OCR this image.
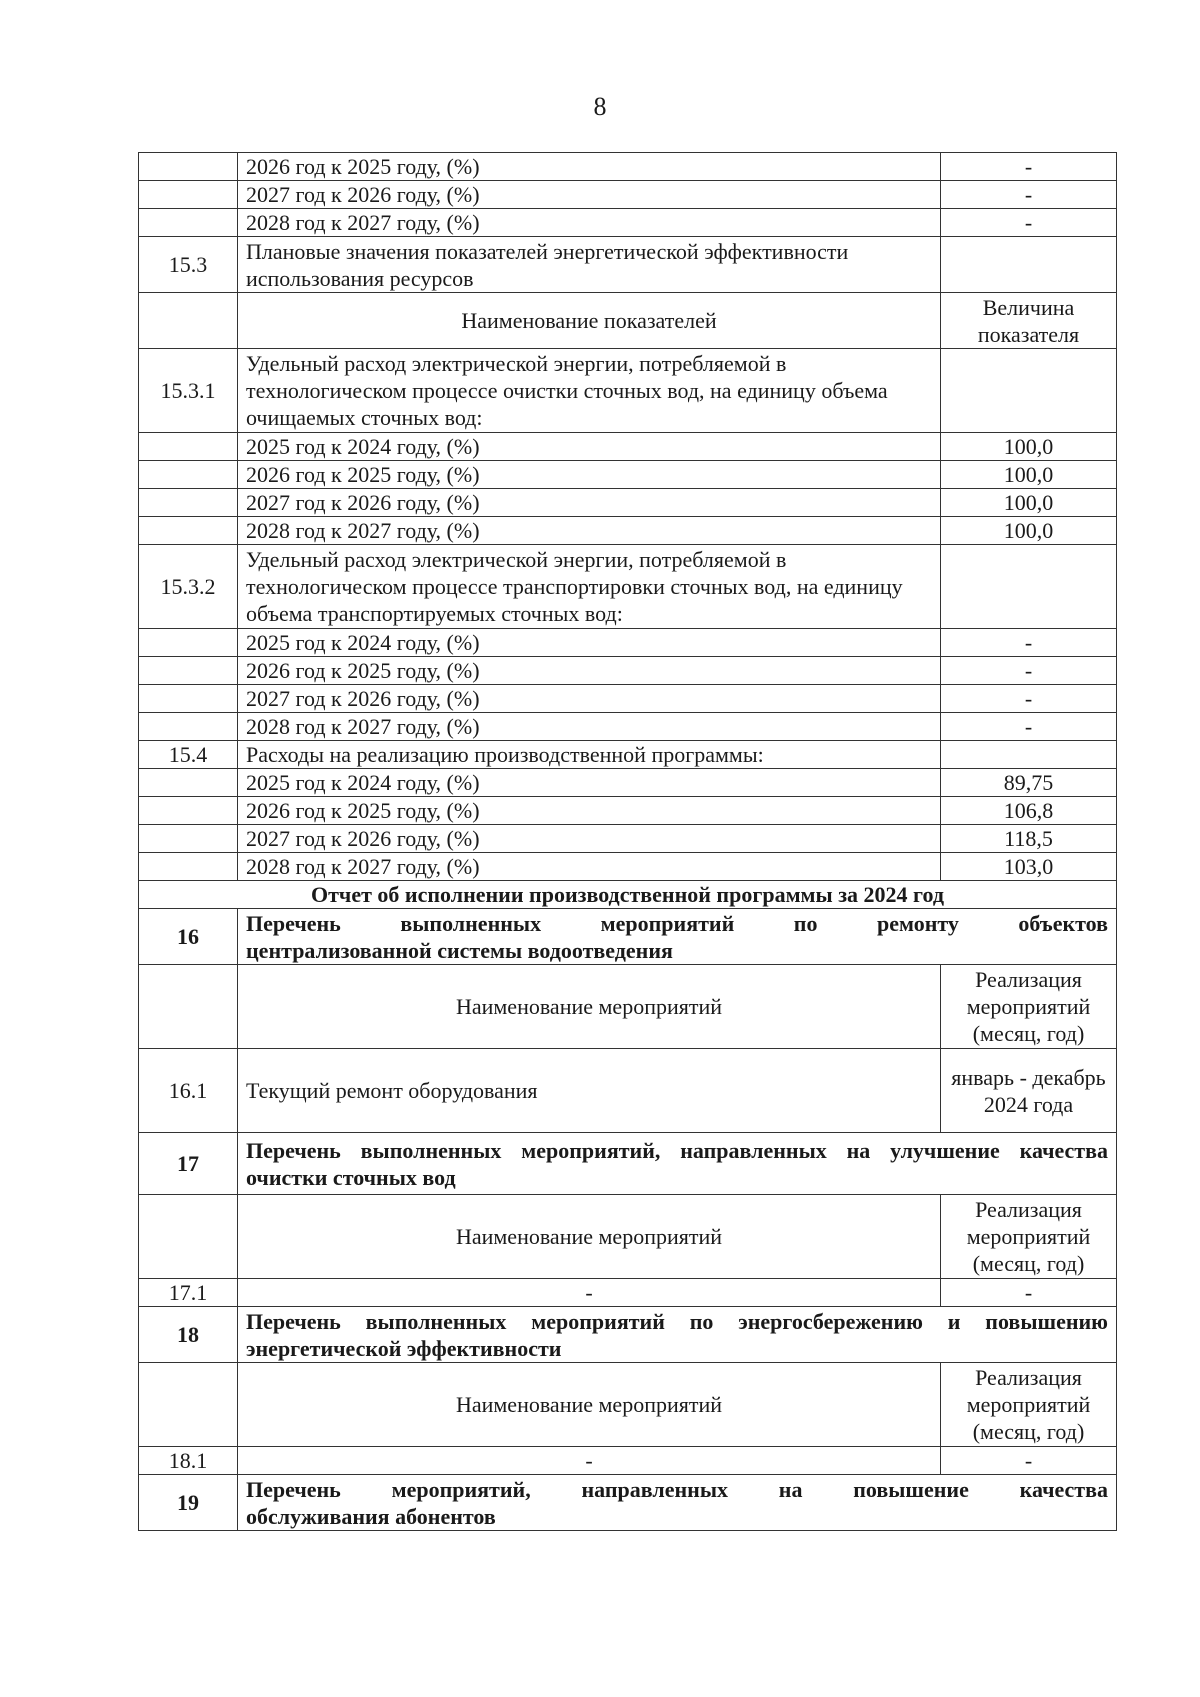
8
	2026 год к 2025 году, (%)	-
	2027 год к 2026 году, (%)	-
	2028 год к 2027 году, (%)	-
15.3	Плановые значения показателей энергетической эффективности использования ресурсов	
	Наименование показателей	Величина показателя
15.3.1	Удельный расход электрической энергии, потребляемой в технологическом процессе очистки сточных вод, на единицу объема очищаемых сточных вод:	
	2025 год к 2024 году, (%)	100,0
	2026 год к 2025 году, (%)	100,0
	2027 год к 2026 году, (%)	100,0
	2028 год к 2027 году, (%)	100,0
15.3.2	Удельный расход электрической энергии, потребляемой в технологическом процессе транспортировки сточных вод, на единицу объема транспортируемых сточных вод:	
	2025 год к 2024 году, (%)	-
	2026 год к 2025 году, (%)	-
	2027 год к 2026 году, (%)	-
	2028 год к 2027 году, (%)	-
15.4	Расходы на реализацию производственной программы:	
	2025 год к 2024 году, (%)	89,75
	2026 год к 2025 году, (%)	106,8
	2027 год к 2026 году, (%)	118,5
	2028 год к 2027 году, (%)	103,0
Отчет об исполнении производственной программы за 2024 год		
16	Перечень выполненных мероприятий по ремонту объектов
централизованной системы водоотведения	

	Наименование мероприятий	Реализация мероприятий (месяц, год)
16.1	Текущий ремонт оборудования	январь - декабрь 2024 года
17	Перечень выполненных мероприятий, направленных на улучшение качества
очистки сточных вод	

	Наименование мероприятий	Реализация мероприятий (месяц, год)
17.1	-	-
18	Перечень выполненных мероприятий по энергосбережению и повышению
энергетической эффективности	

	Наименование мероприятий	Реализация мероприятий (месяц, год)
18.1	-	-
19	Перечень мероприятий, направленных на повышение качества
обслуживания абонентов	
